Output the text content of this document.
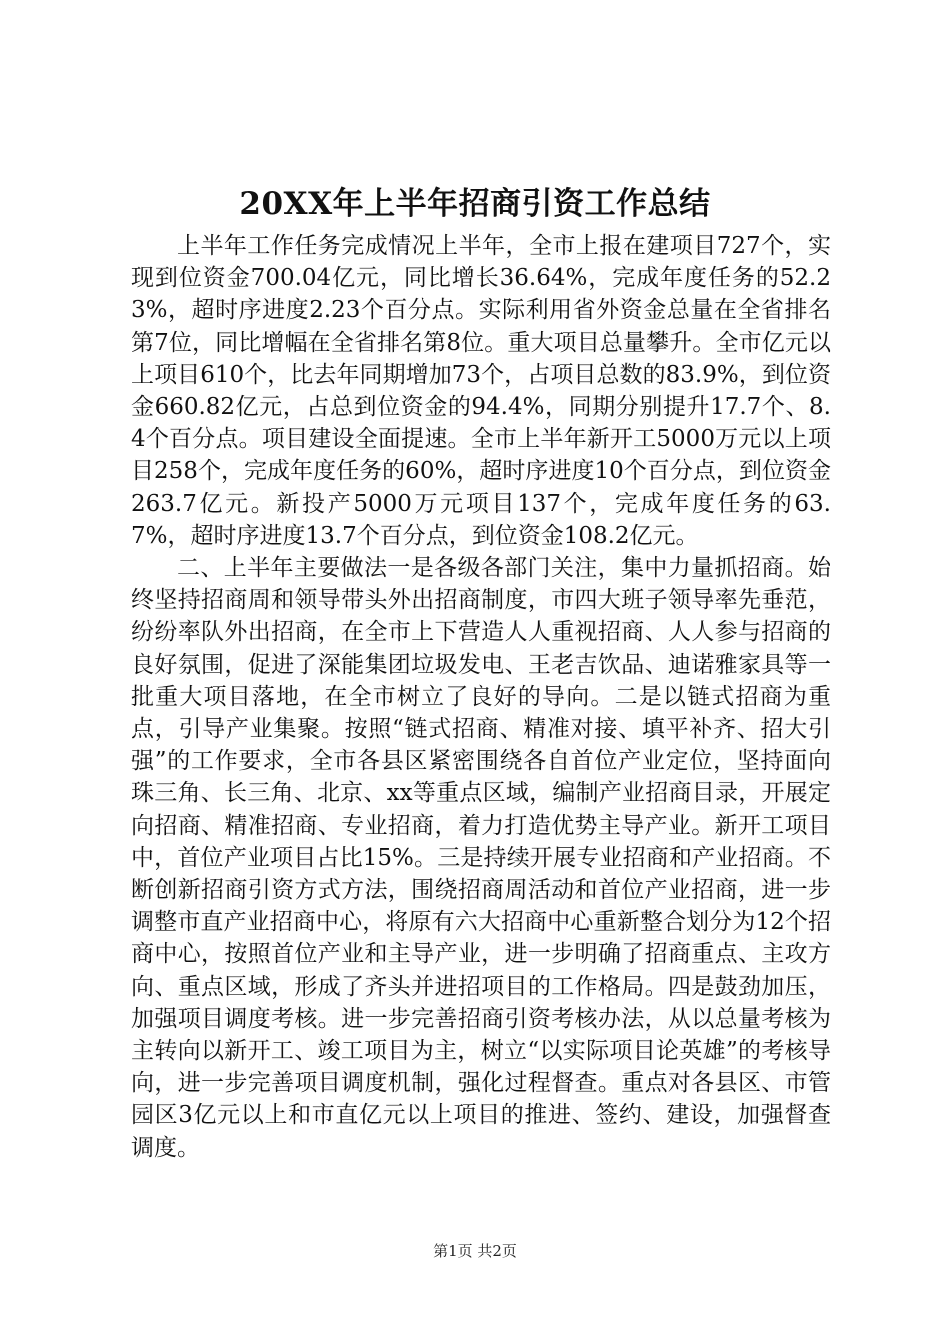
20XX年上半年招商引资工作总结

上半年工作任务完成情况上半年，全市上报在建项目727个，实现到位资金700.04亿元，同比增长36.64%，完成年度任务的52.23%，超时序进度2.23个百分点。实际利用省外资金总量在全省排名第7位，同比增幅在全省排名第8位。重大项目总量攀升。全市亿元以上项目610个，比去年同期增加73个，占项目总数的83.9%，到位资金660.82亿元，占总到位资金的94.4%，同期分别提升17.7个、8.4个百分点。项目建设全面提速。全市上半年新开工5000万元以上项目258个，完成年度任务的60%，超时序进度10个百分点，到位资金263.7亿元。新投产5000万元项目137个，完成年度任务的63.7%，超时序进度13.7个百分点，到位资金108.2亿元。

二、上半年主要做法一是各级各部门关注，集中力量抓招商。始终坚持招商周和领导带头外出招商制度，市四大班子领导率先垂范，纷纷率队外出招商，在全市上下营造人人重视招商、人人参与招商的良好氛围，促进了深能集团垃圾发电、王老吉饮品、迪诺雅家具等一批重大项目落地，在全市树立了良好的导向。二是以链式招商为重点，引导产业集聚。按照“链式招商、精准对接、填平补齐、招大引强”的工作要求，全市各县区紧密围绕各自首位产业定位，坚持面向珠三角、长三角、北京、xx等重点区域，编制产业招商目录，开展定向招商、精准招商、专业招商，着力打造优势主导产业。新开工项目中，首位产业项目占比15%。三是持续开展专业招商和产业招商。不断创新招商引资方式方法，围绕招商周活动和首位产业招商，进一步调整市直产业招商中心，将原有六大招商中心重新整合划分为12个招商中心，按照首位产业和主导产业，进一步明确了招商重点、主攻方向、重点区域，形成了齐头并进招项目的工作格局。四是鼓劲加压，加强项目调度考核。进一步完善招商引资考核办法，从以总量考核为主转向以新开工、竣工项目为主，树立“以实际项目论英雄”的考核导向，进一步完善项目调度机制，强化过程督查。重点对各县区、市管园区3亿元以上和市直亿元以上项目的推进、签约、建设，加强督查调度。

第1页 共2页
